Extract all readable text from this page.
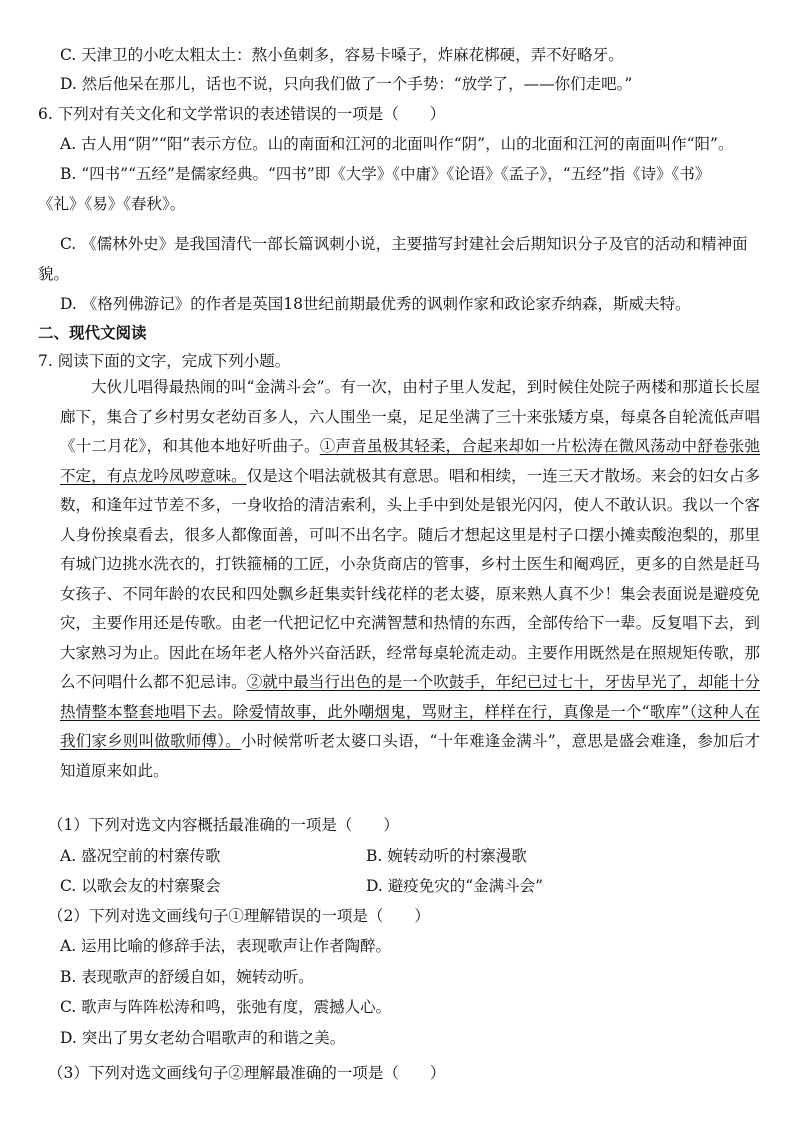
C. 天津卫的小吃太粗太土：熬小鱼刺多，容易卡嗓子，炸麻花梆硬，弄不好略牙。
D. 然后他呆在那儿，话也不说，只向我们做了一个手势：“放学了，——你们走吧。”
6. 下列对有关文化和文学常识的表述错误的一项是（　　）
A. 古人用“阴”“阳”表示方位。山的南面和江河的北面叫作“阴”，山的北面和江河的南面叫作“阳”。
B. “四书”“五经”是儒家经典。“四书”即《大学》《中庸》《论语》《孟子》，“五经”指《诗》《书》
《礼》《易》《春秋》。
C. 《儒林外史》是我国清代一部长篇讽刺小说，主要描写封建社会后期知识分子及官的活动和精神面
貌。
D. 《格列佛游记》的作者是英国18世纪前期最优秀的讽刺作家和政论家乔纳森，斯威夫特。
二、现代文阅读
7. 阅读下面的文字，完成下列小题。
大伙儿唱得最热闹的叫“金满斗会”。有一次，由村子里人发起，到时候住处院子两楼和那道长长屋廊下，集合了乡村男女老幼百多人，六人围坐一桌，足足坐满了三十来张矮方桌，每桌各自轮流低声唱《十二月花》，和其他本地好听曲子。①声音虽极其轻柔，合起来却如一片松涛在微风荡动中舒卷张弛不定，有点龙吟凤哕意味。仅是这个唱法就极其有意思。唱和相续，一连三天才散场。来会的妇女占多数，和逢年过节差不多，一身收拾的清洁索利，头上手中到处是银光闪闪，使人不敢认识。我以一个客人身份挨桌看去，很多人都像面善，可叫不出名字。随后才想起这里是村子口摆小摊卖酸泡梨的，那里有城门边挑水洗衣的，打铁箍桶的工匠，小杂货商店的管事，乡村土医生和阉鸡匠，更多的自然是赶马女孩子、不同年龄的农民和四处飘乡赶集卖针线花样的老太婆，原来熟人真不少！集会表面说是避疫免灾，主要作用还是传歌。由老一代把记忆中充满智慧和热情的东西，全部传给下一辈。反复唱下去，到大家熟习为止。因此在场年老人格外兴奋活跃，经常每桌轮流走动。主要作用既然是在照规矩传歌，那么不问唱什么都不犯忌讳。②就中最当行出色的是一个吹鼓手，年纪已过七十，牙齿早光了，却能十分热情整本整套地唱下去。除爱情故事，此外嘲烟鬼，骂财主，样样在行，真像是一个“歌库”（这种人在我们家乡则叫做歌师傅）。小时候常听老太婆口头语，“十年难逢金满斗”，意思是盛会难逢，参加后才知道原来如此。
（1）下列对选文内容概括最准确的一项是（　　）
A. 盛况空前的村寨传歌	B. 婉转动听的村寨漫歌
C. 以歌会友的村寨聚会	D. 避疫免灾的“金满斗会”
（2）下列对选文画线句子①理解错误的一项是（　　）
A. 运用比喻的修辞手法，表现歌声让作者陶醉。
B. 表现歌声的舒缓自如，婉转动听。
C. 歌声与阵阵松涛和鸣，张弛有度，震撼人心。
D. 突出了男女老幼合唱歌声的和谐之美。
（3）下列对选文画线句子②理解最准确的一项是（　　）
